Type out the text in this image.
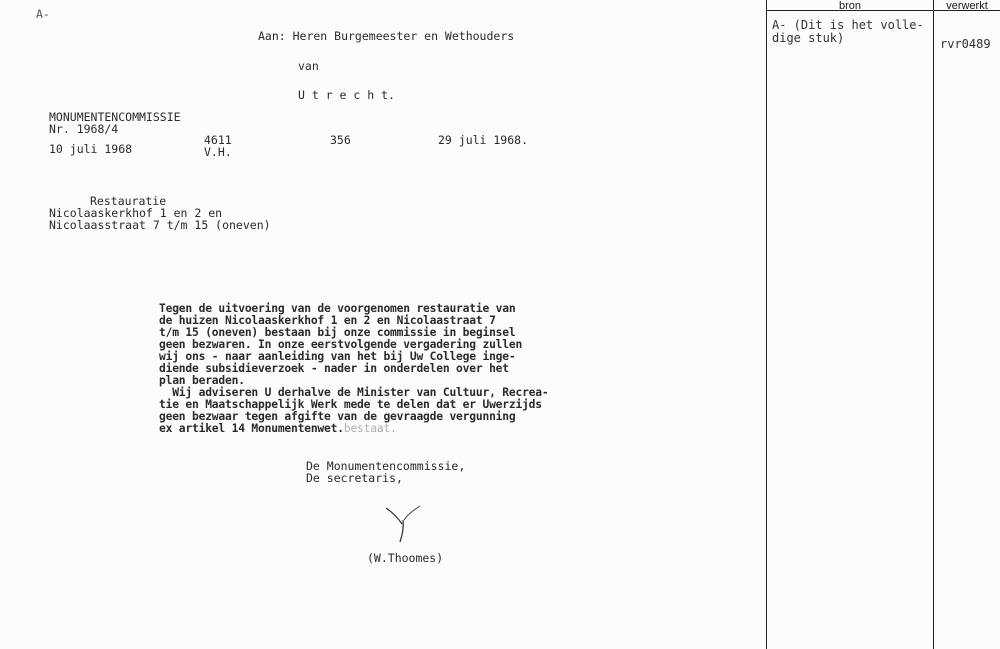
A-
Aan: Heren Burgemeester en Wethouders
van
U t r e c h t.
MONUMENTENCOMMISSIE
Nr. 1968/4
10 juli 1968
4611
V.H.
356	29 juli 1968.
Restauratie
Nicolaaskerkhof 1 en 2 en
Nicolaasstraat 7 t/m 15 (oneven)
Tegen de uitvoering van de voorgenomen restauratie van
de huizen Nicolaaskerkhof 1 en 2 en Nicolaastraat 7
t/m 15 (oneven) bestaan bij onze commissie in beginsel
geen bezwaren. In onze eerstvolgende vergadering zullen
wij ons - naar aanleiding van het bij Uw College inge-
diende subsidieverzoek - nader in onderdelen over het
plan beraden.
Wij adviseren U derhalve de Minister van Cultuur, Recrea-
tie en Maatschappelijk Werk mede te delen dat er Uwerzijds
geen bezwaar tegen afgifte van de gevraagde vergunning
ex artikel 14 Monumentenwet.bestaat.
De Monumentencommissie,
De secretaris,
(W.Thoomes)
bron	verwerkt
A- (Dit is het volle-
dige stuk)	rvr0489
